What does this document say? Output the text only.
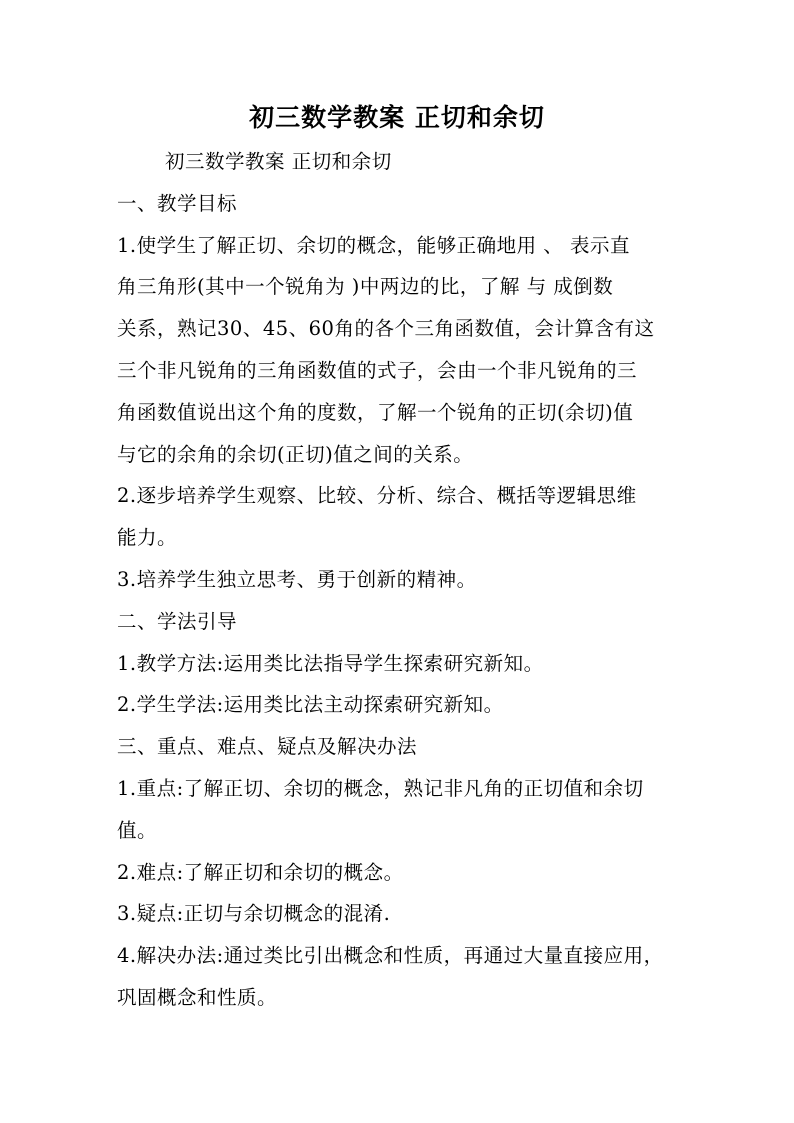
初三数学教案 正切和余切
初三数学教案 正切和余切
一、教学目标
1.使学生了解正切、余切的概念，能够正确地用 、 表示直
角三角形(其中一个锐角为 )中两边的比，了解 与 成倒数
关系，熟记30、45、60角的各个三角函数值，会计算含有这
三个非凡锐角的三角函数值的式子，会由一个非凡锐角的三
角函数值说出这个角的度数，了解一个锐角的正切(余切)值
与它的余角的余切(正切)值之间的关系。
2.逐步培养学生观察、比较、分析、综合、概括等逻辑思维
能力。
3.培养学生独立思考、勇于创新的精神。
二、学法引导
1.教学方法:运用类比法指导学生探索研究新知。
2.学生学法:运用类比法主动探索研究新知。
三、重点、难点、疑点及解决办法
1.重点:了解正切、余切的概念，熟记非凡角的正切值和余切
值。
2.难点:了解正切和余切的概念。
3.疑点:正切与余切概念的混淆.
4.解决办法:通过类比引出概念和性质，再通过大量直接应用，
巩固概念和性质。
